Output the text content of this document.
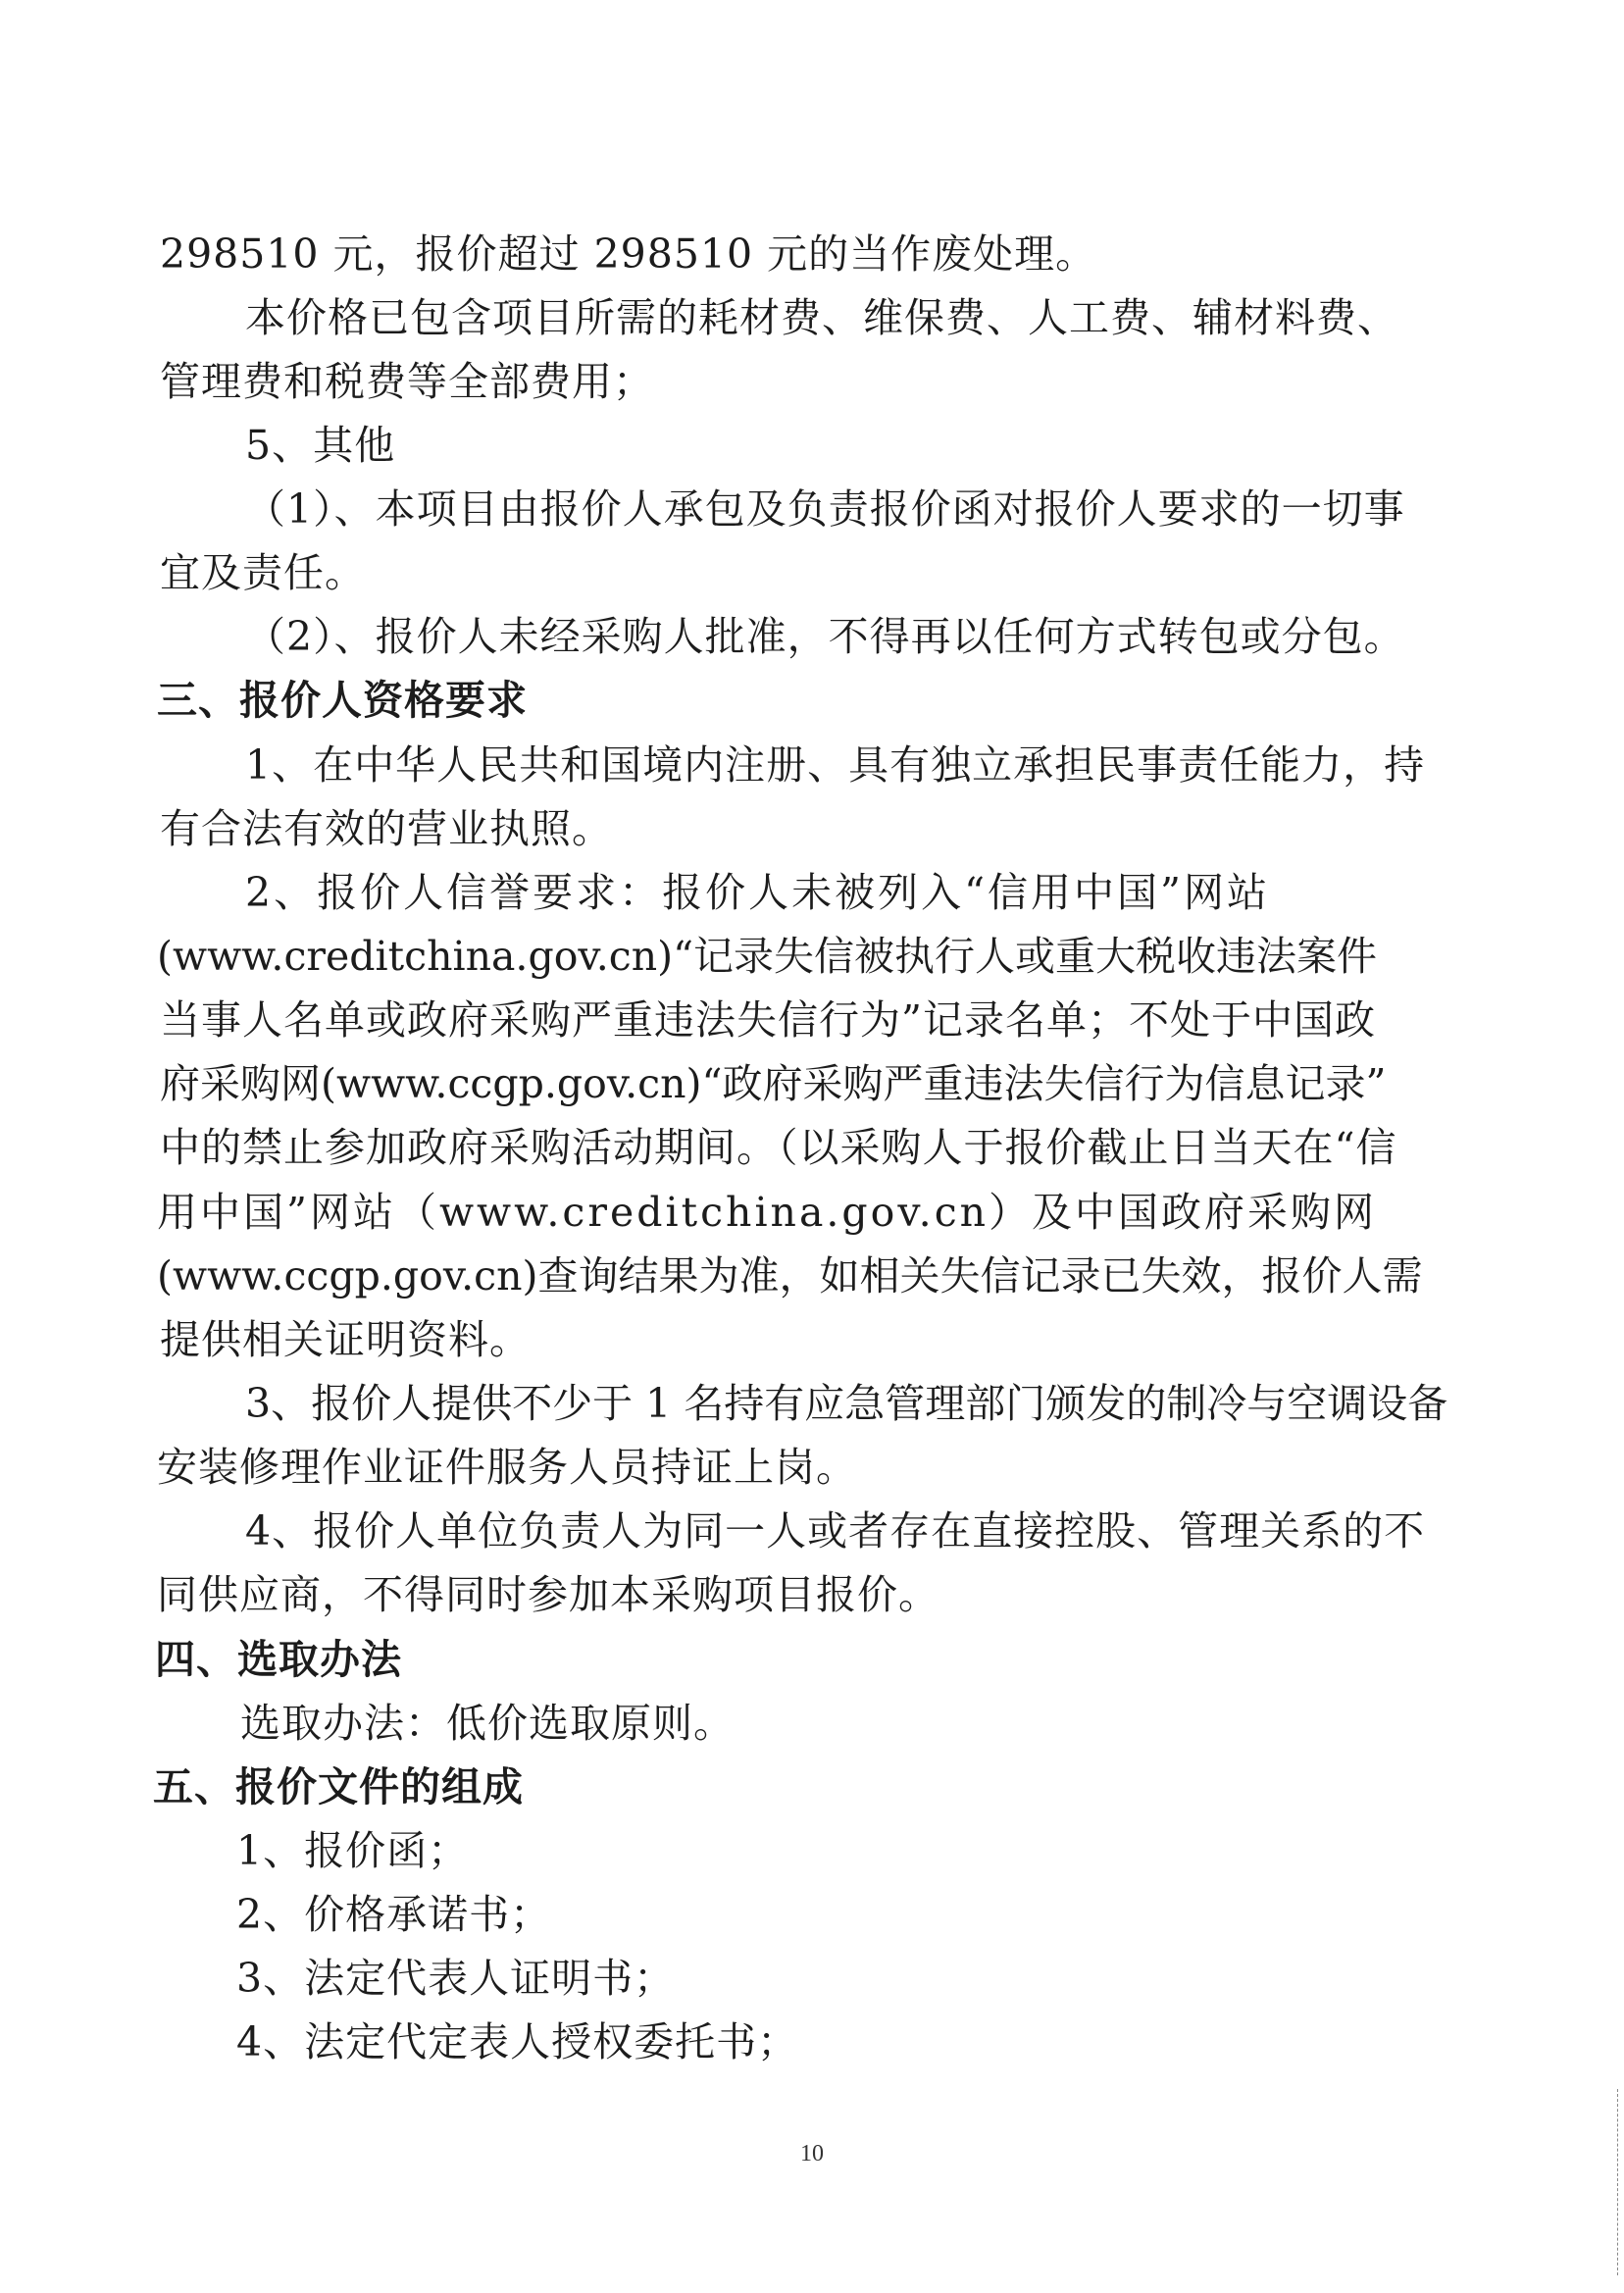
298510 元，报价超过 298510 元的当作废处理。
本价格已包含项目所需的耗材费、维保费、人工费、辅材料费、
管理费和税费等全部费用；
5、其他
（1）、本项目由报价人承包及负责报价函对报价人要求的一切事
宜及责任。
（2）、报价人未经采购人批准，不得再以任何方式转包或分包。
三、报价人资格要求
1、在中华人民共和国境内注册、具有独立承担民事责任能力，持
有合法有效的营业执照。
2、报价人信誉要求：报价人未被列入“信用中国”网站
(www.creditchina.gov.cn)“记录失信被执行人或重大税收违法案件
当事人名单或政府采购严重违法失信行为”记录名单；不处于中国政
府采购网(www.ccgp.gov.cn)“政府采购严重违法失信行为信息记录”
中的禁止参加政府采购活动期间。（以采购人于报价截止日当天在“信
用中国”网站（www.creditchina.gov.cn）及中国政府采购网
(www.ccgp.gov.cn)查询结果为准，如相关失信记录已失效，报价人需
提供相关证明资料。
3、报价人提供不少于 1 名持有应急管理部门颁发的制冷与空调设备
安装修理作业证件服务人员持证上岗。
4、报价人单位负责人为同一人或者存在直接控股、管理关系的不
同供应商，不得同时参加本采购项目报价。
四、选取办法
选取办法：低价选取原则。
五、报价文件的组成
1、报价函；
2、价格承诺书；
3、法定代表人证明书；
4、法定代定表人授权委托书；
10
